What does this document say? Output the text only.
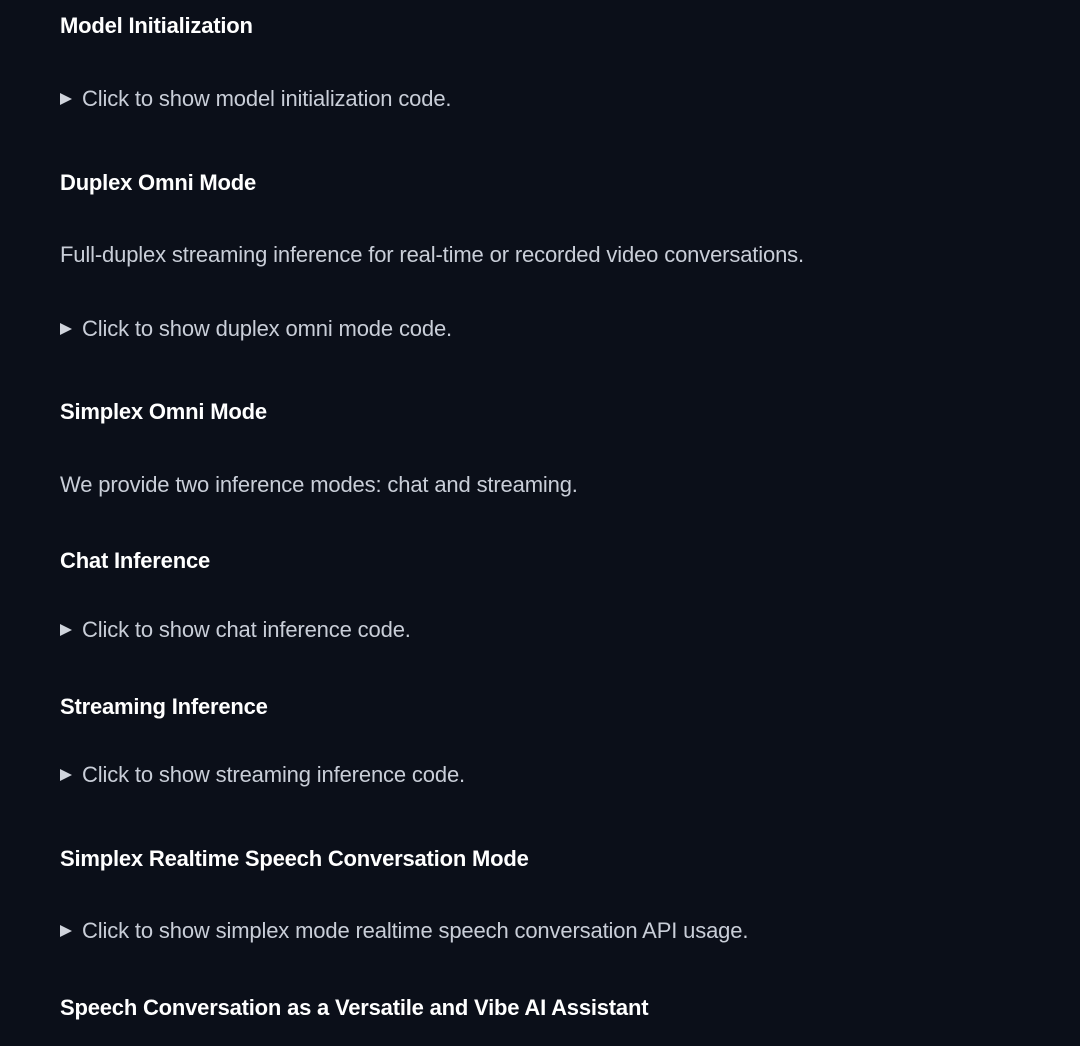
Model Initialization
Click to show model initialization code.
Duplex Omni Mode

Full-duplex streaming inference for real-time or recorded video conversations.

Click to show duplex omni mode code.
Simplex Omni Mode

We provide two inference modes: chat and streaming.

Chat Inference
Click to show chat inference code.
Streaming Inference
Click to show streaming inference code.
Simplex Realtime Speech Conversation Mode
Click to show simplex mode realtime speech conversation API usage.
Speech Conversation as a Versatile and Vibe AI Assistant
